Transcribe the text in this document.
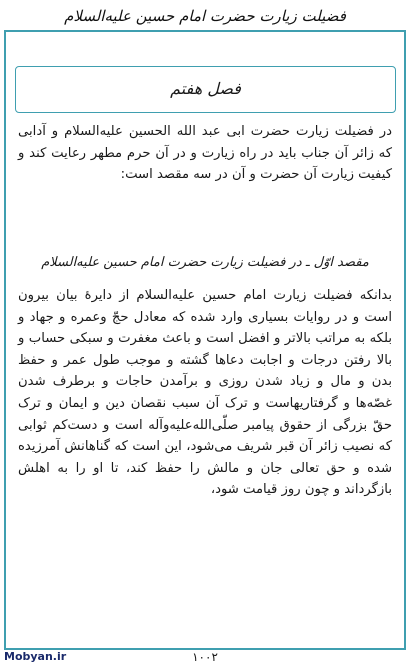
فضیلت زیارت حضرت امام حسین علیه‌السلام
فصل هفتم

در فضیلت زیارت حضرت ابی عبد الله الحسین علیه‌السلام و آدابی که زائر آن جناب باید در راه زیارت و در آن حرم مطهر رعایت کند و کیفیت زیارت آن حضرت و آن در سه مقصد است:

مقصد اوّل ـ در فضیلت زیارت حضرت امام حسین علیه‌السلام

بدانکه فضیلت زیارت امام حسین علیه‌السلام از دایرهٔ بیان بیرون است و در روایات بسیاری وارد شده که معادل حجّ وعمره و جهاد و بلکه به مراتب بالاتر و افضل است و باعث مغفرت و سبکی حساب و بالا رفتن درجات و اجابت دعاها گشته و موجب طول عمر و حفظ بدن و مال و زیاد شدن روزی و برآمدن حاجات و برطرف شدن غصّه‌ها و گرفتاریهاست و ترک آن سبب نقصان دین و ایمان و ترک حقّ بزرگی از حقوق پیامبر صلّی‌الله‌علیه‌وآله است و دست‌کم ثوابی که نصیب زائر آن قبر شریف می‌شود، این است که گناهانش آمرزیده شده و حق تعالی جان و مالش را حفظ کند، تا او را به اهلش بازگرداند و چون روز قیامت شود،

۱۰۰۲
Mobyan.ir
